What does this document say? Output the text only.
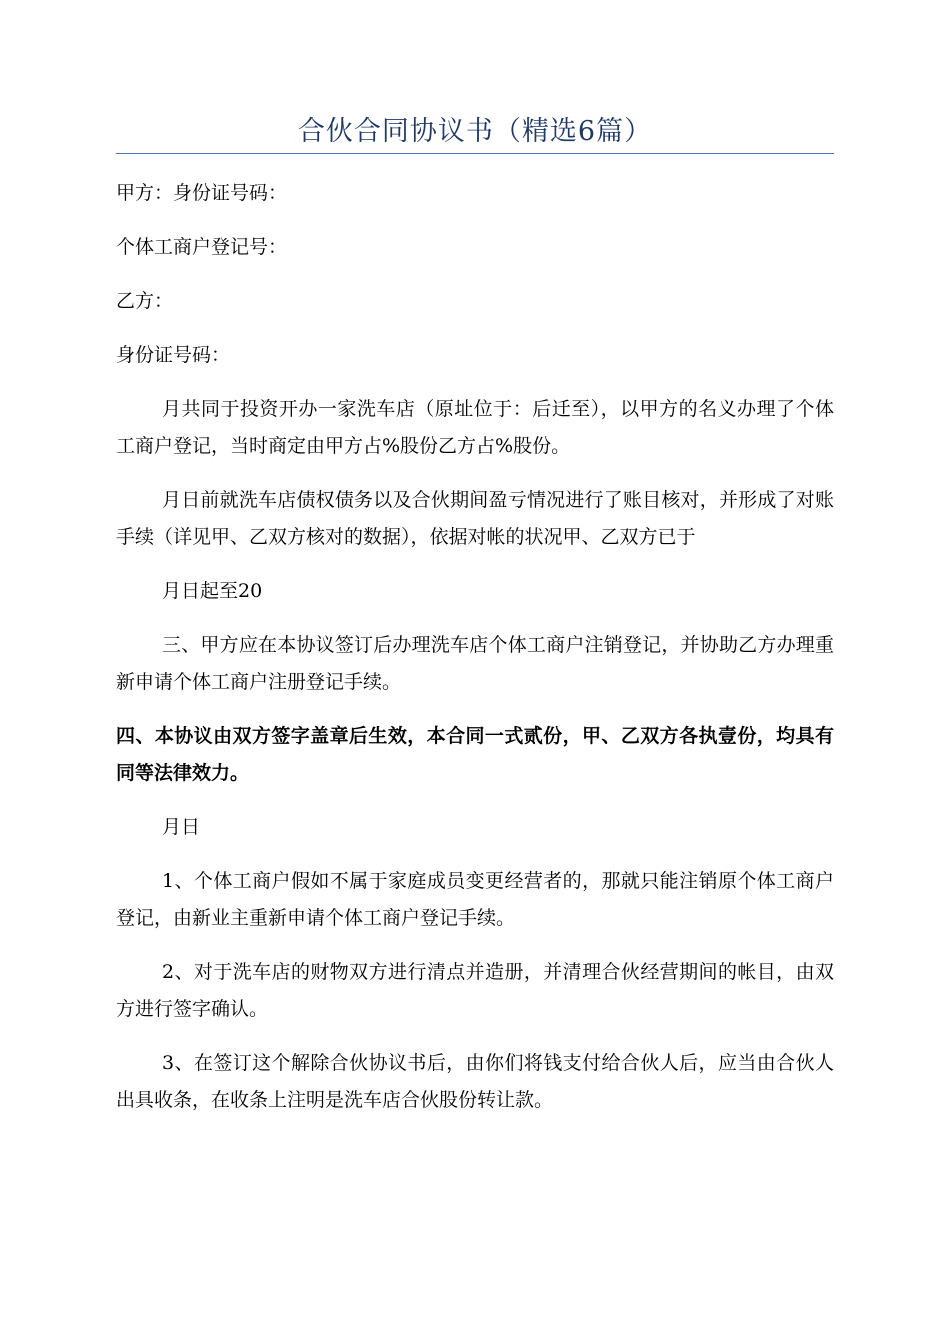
合伙合同协议书（精选6篇）

甲方：身份证号码：

个体工商户登记号：

乙方：

身份证号码：

月共同于投资开办一家洗车店（原址位于：后迁至），以甲方的名义办理了个体工商户登记，当时商定由甲方占%股份乙方占%股份。

月日前就洗车店债权债务以及合伙期间盈亏情况进行了账目核对，并形成了对账手续（详见甲、乙双方核对的数据），依据对帐的状况甲、乙双方已于

月日起至20

三、甲方应在本协议签订后办理洗车店个体工商户注销登记，并协助乙方办理重新申请个体工商户注册登记手续。

四、本协议由双方签字盖章后生效，本合同一式贰份，甲、乙双方各执壹份，均具有同等法律效力。

月日

1、个体工商户假如不属于家庭成员变更经营者的，那就只能注销原个体工商户登记，由新业主重新申请个体工商户登记手续。

2、对于洗车店的财物双方进行清点并造册，并清理合伙经营期间的帐目，由双方进行签字确认。

3、在签订这个解除合伙协议书后，由你们将钱支付给合伙人后，应当由合伙人出具收条，在收条上注明是洗车店合伙股份转让款。
